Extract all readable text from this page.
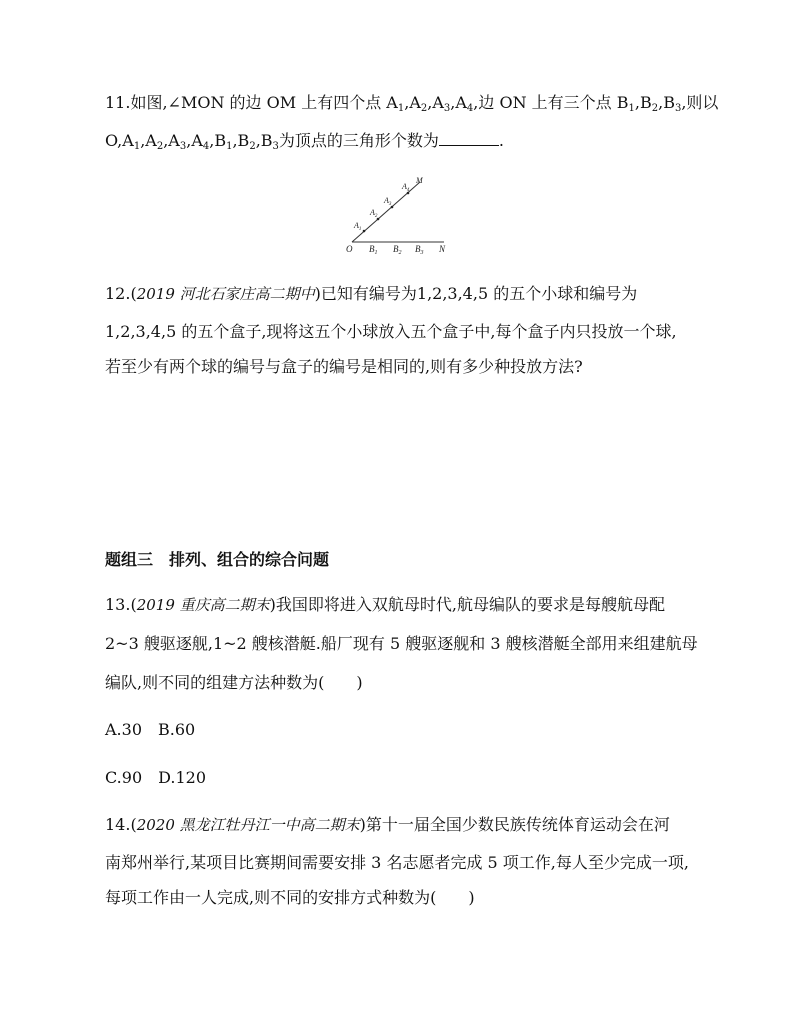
11.如图,∠MON 的边 OM 上有四个点 $A_1,A_2,A_3,A_4$,边 ON 上有三个点 $B_1,B_2,B_3$,则以
$O,A_1,A_2,A_3,A_4,B_1,B_2,B_3$为顶点的三角形个数为	.
O	N
M
$A_1$
$A_2$
$A_3$
$A_4$
$B_1$ $B_2$ $B_3$
12.(2019 河北石家庄高二期中)已知有编号为1,2,3,4,5 的五个小球和编号为
1,2,3,4,5 的五个盒子,现将这五个小球放入五个盒子中,每个盒子内只投放一个球,
若至少有两个球的编号与盒子的编号是相同的,则有多少种投放方法?
题组三　排列、组合的综合问题
13.(2019 重庆高二期末)我国即将进入双航母时代,航母编队的要求是每艘航母配
2~3 艘驱逐舰,1~2 艘核潜艇.船厂现有 5 艘驱逐舰和 3 艘核潜艇全部用来组建航母
编队,则不同的组建方法种数为(　　)
A.30　B.60
C.90　D.120
14.(2020 黑龙江牡丹江一中高二期末)第十一届全国少数民族传统体育运动会在河
南郑州举行,某项目比赛期间需要安排 3 名志愿者完成 5 项工作,每人至少完成一项,
每项工作由一人完成,则不同的安排方式种数为(　　)
